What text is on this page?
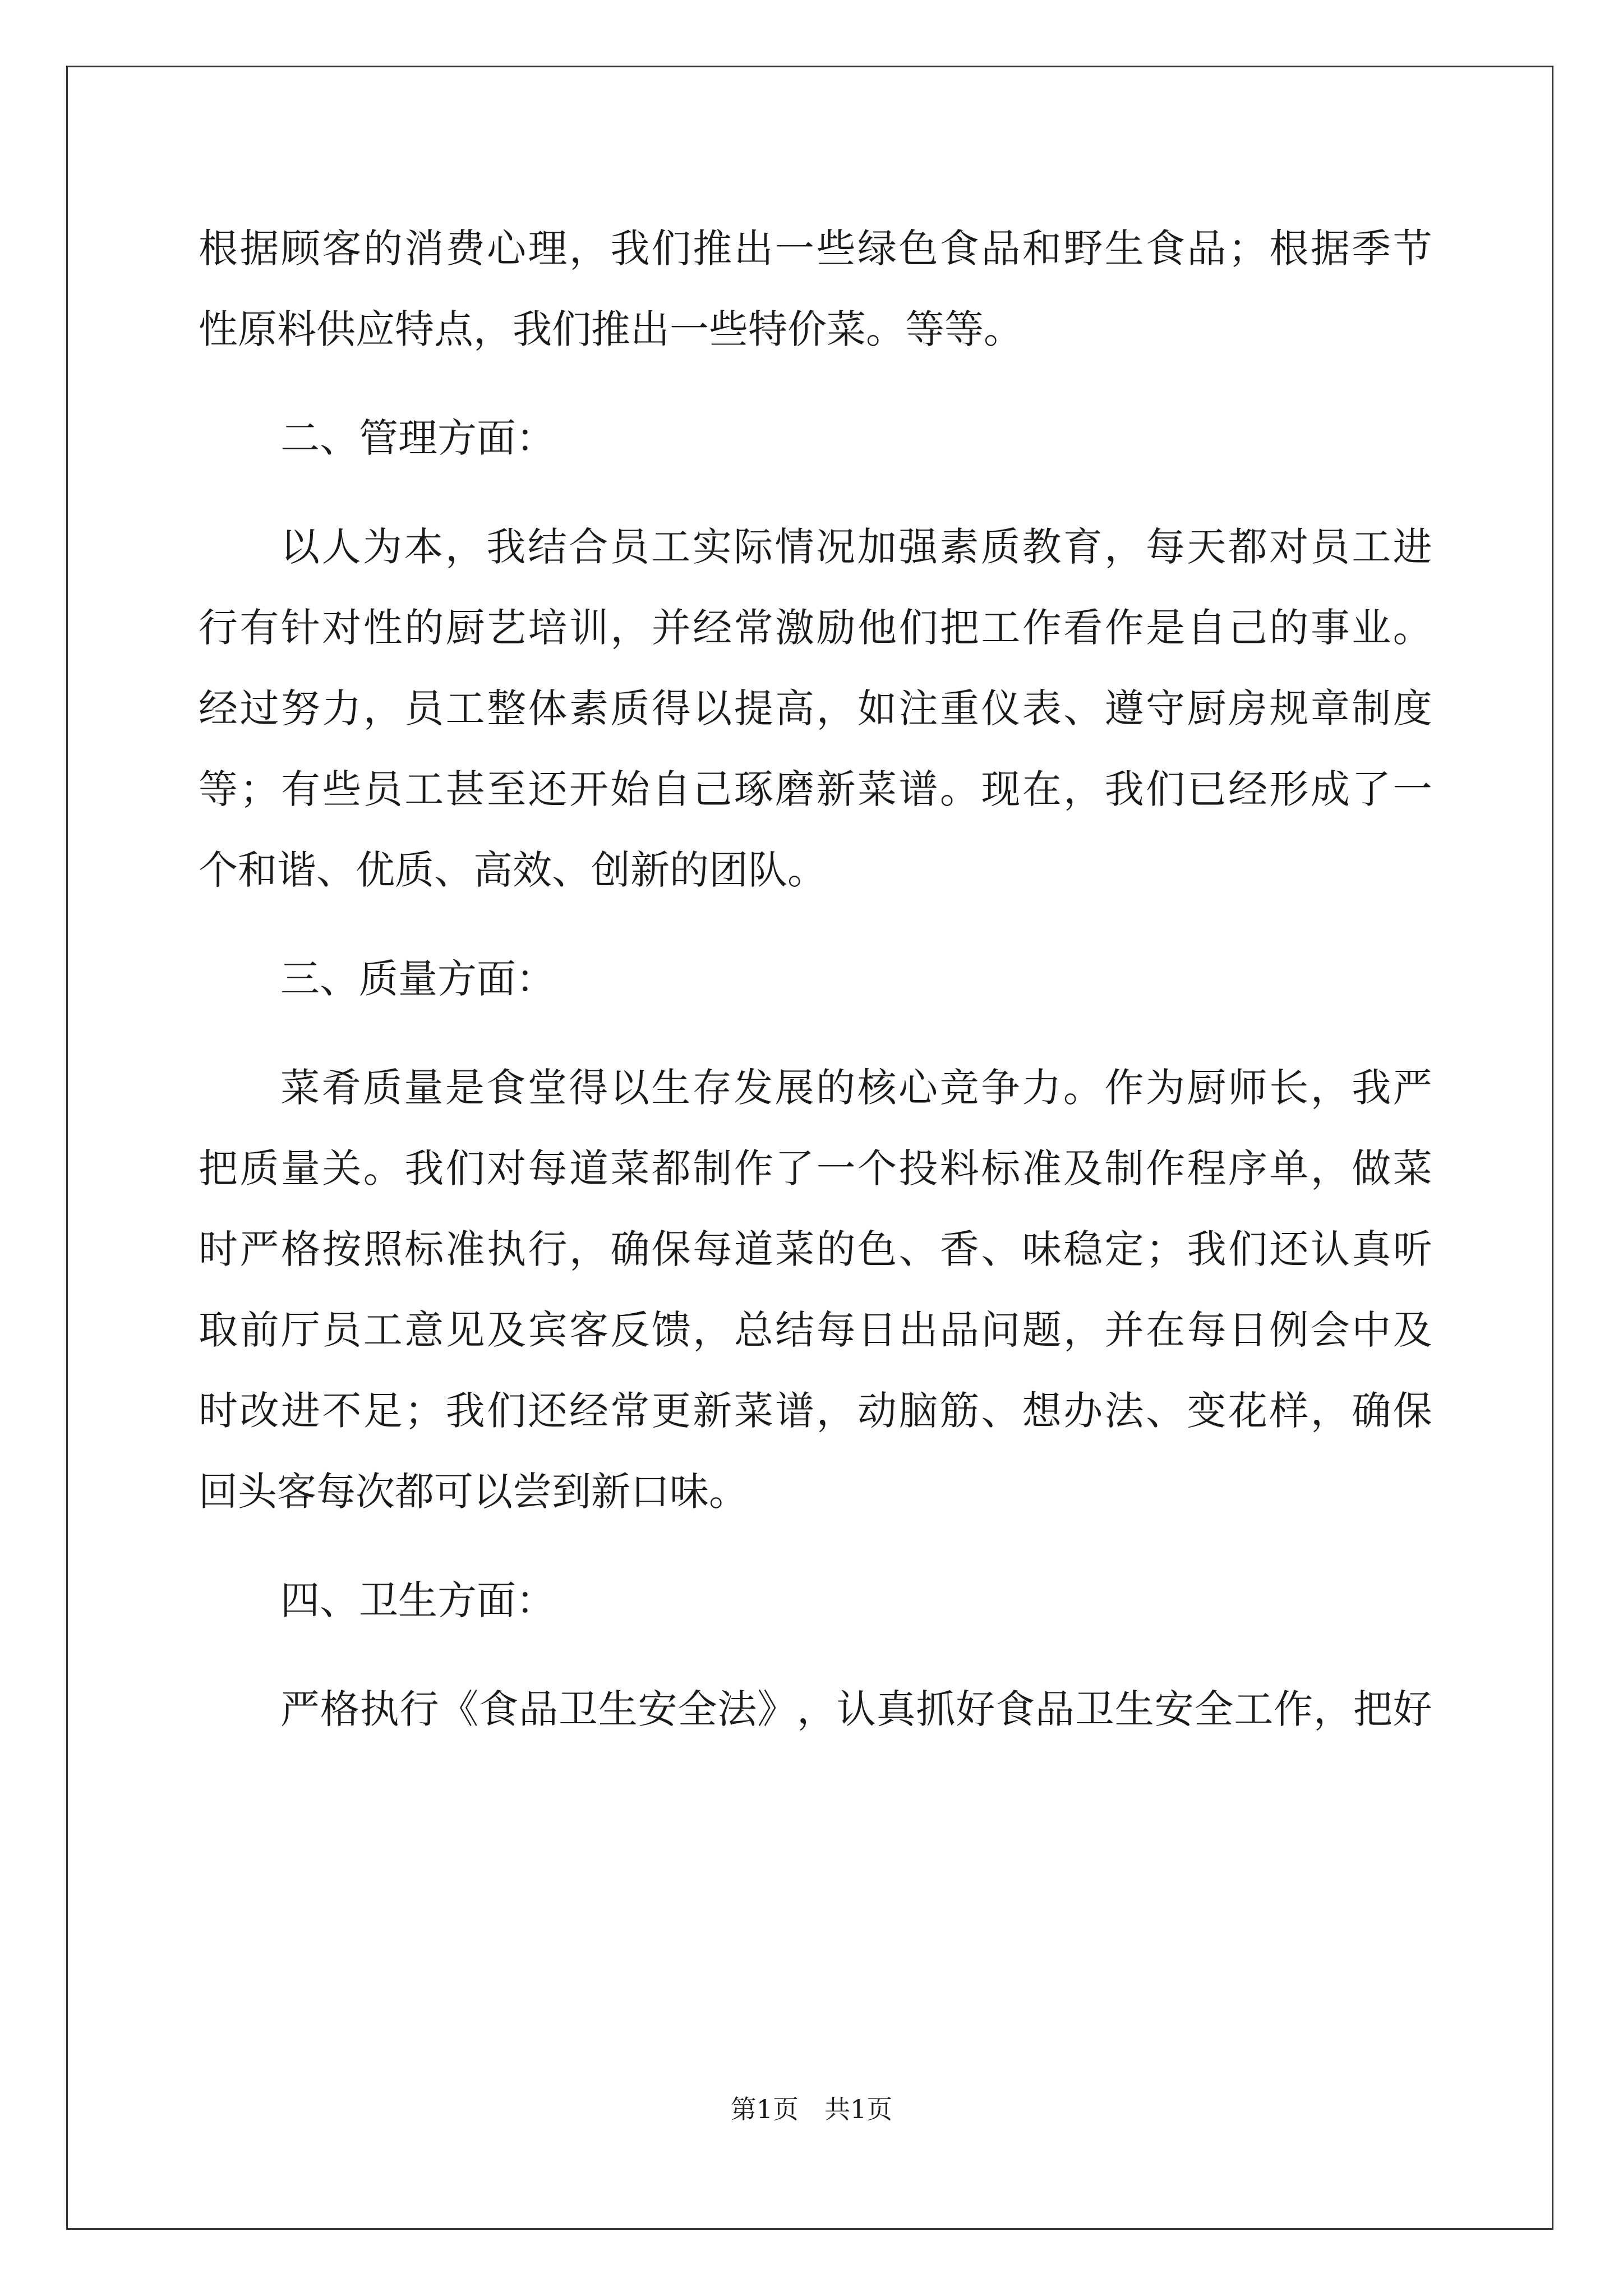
根 据 顾 客 的 消 费 心 理 ， 我 们 推 出 一 些 绿 色 食 品 和 野 生 食 品 ； 根 据 季 节
性原料供应特点，我们推出一些特价菜。等等。
二、管理方面：
以 人 为 本 ， 我 结 合 员 工 实 际 情 况 加 强 素 质 教 育 ， 每 天 都 对 员 工 进
行 有 针 对 性 的 厨 艺 培 训 ， 并 经 常 激 励 他 们 把 工 作 看 作 是 自 己 的 事 业 。
经 过 努 力 ， 员 工 整 体 素 质 得 以 提 高 ， 如 注 重 仪 表 、 遵 守 厨 房 规 章 制 度
等 ； 有 些 员 工 甚 至 还 开 始 自 己 琢 磨 新 菜 谱 。 现 在 ， 我 们 已 经 形 成 了 一
个和谐、优质、高效、创新的团队。
三、质量方面：
菜 肴 质 量 是 食 堂 得 以 生 存 发 展 的 核 心 竞 争 力 。 作 为 厨 师 长 ， 我 严
把 质 量 关 。 我 们 对 每 道 菜 都 制 作 了 一 个 投 料 标 准 及 制 作 程 序 单 ， 做 菜
时 严 格 按 照 标 准 执 行 ， 确 保 每 道 菜 的 色 、 香 、 味 稳 定 ； 我 们 还 认 真 听
取 前 厅 员 工 意 见 及 宾 客 反 馈 ， 总 结 每 日 出 品 问 题 ， 并 在 每 日 例 会 中 及
时 改 进 不 足 ； 我 们 还 经 常 更 新 菜 谱 ， 动 脑 筋 、 想 办 法 、 变 花 样 ， 确 保
回头客每次都可以尝到新口味。
四、卫生方面：
严 格 执 行 《 食 品 卫 生 安 全 法 》 ， 认 真 抓 好 食 品 卫 生 安 全 工 作 ， 把 好
第1页　共1页
